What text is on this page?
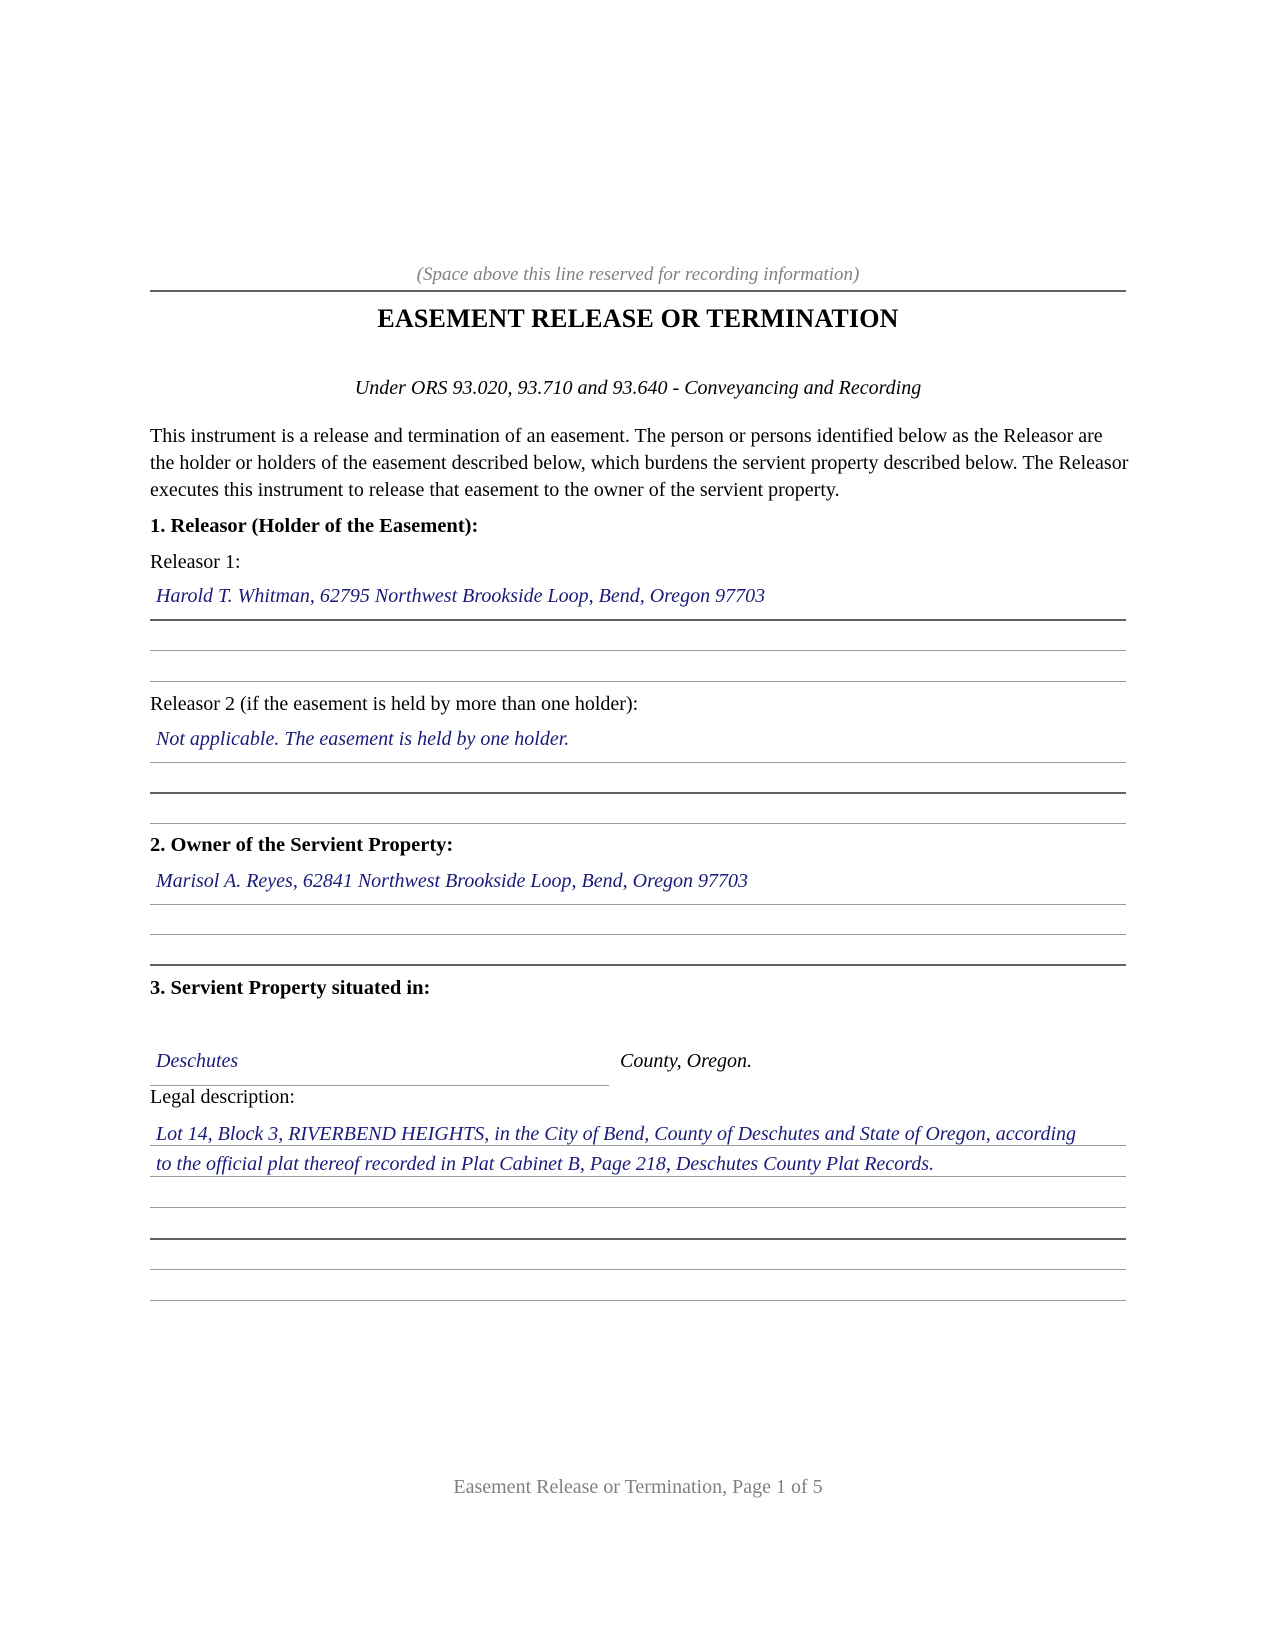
(Space above this line reserved for recording information)
EASEMENT RELEASE OR TERMINATION
Under ORS 93.020, 93.710 and 93.640 - Conveyancing and Recording
This instrument is a release and termination of an easement. The person or persons identified below as the Releasor are the holder or holders of the easement described below, which burdens the servient property described below. The Releasor executes this instrument to release that easement to the owner of the servient property.
1. Releasor (Holder of the Easement):
Releasor 1:
Harold T. Whitman, 62795 Northwest Brookside Loop, Bend, Oregon 97703
Releasor 2 (if the easement is held by more than one holder):
Not applicable. The easement is held by one holder.
2. Owner of the Servient Property:
Marisol A. Reyes, 62841 Northwest Brookside Loop, Bend, Oregon 97703
3. Servient Property situated in:
Deschutes	County, Oregon.
Legal description:
Lot 14, Block 3, RIVERBEND HEIGHTS, in the City of Bend, County of Deschutes and State of Oregon, according
to the official plat thereof recorded in Plat Cabinet B, Page 218, Deschutes County Plat Records.
Easement Release or Termination, Page 1 of 5
